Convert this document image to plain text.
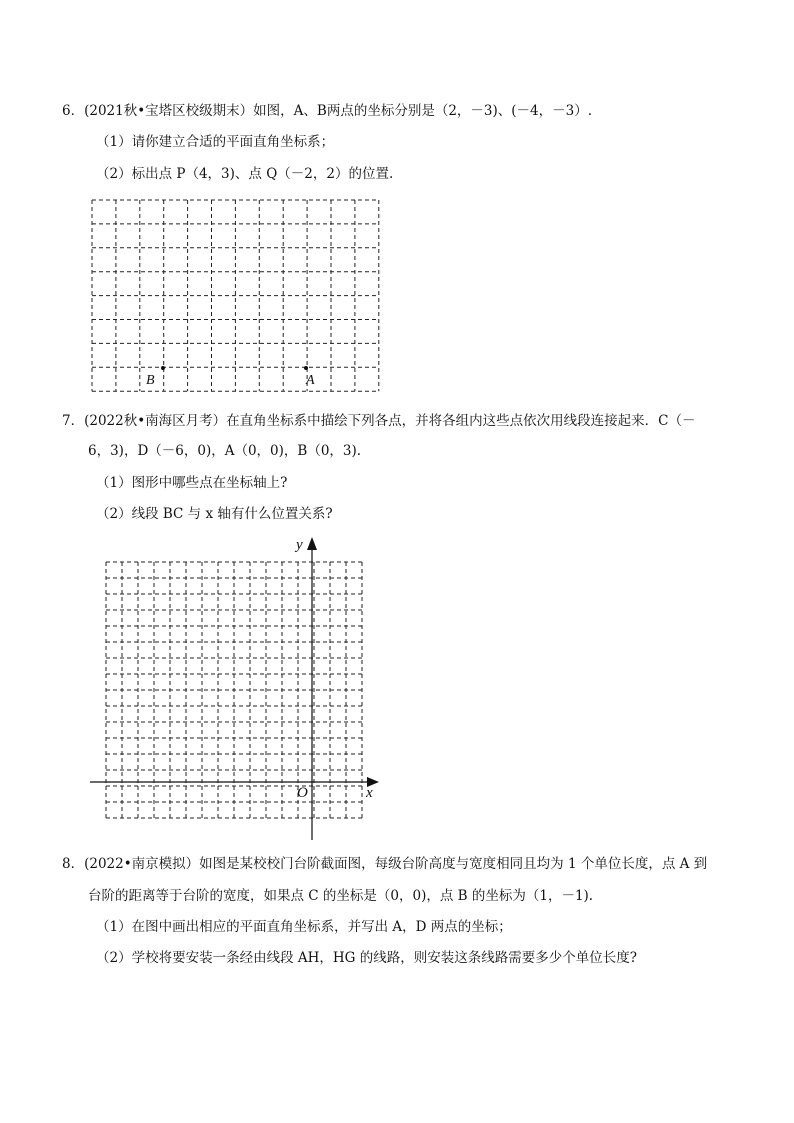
6．(2021秋•宝塔区校级期末）如图，A、B两点的坐标分别是（2，－3)、(－4，－3）.
（1）请你建立合适的平面直角坐标系；
（2）标出点 P（4，3)、点 Q（－2，2）的位置.
B	A
7．(2022秋•南海区月考）在直角坐标系中描绘下列各点，并将各组内这些点依次用线段连接起来．C（－
6，3)，D（－6，0)，A（0，0)，B（0，3).
（1）图形中哪些点在坐标轴上?
（2）线段 BC 与 x 轴有什么位置关系?
y
x
O
8．(2022•南京模拟）如图是某校校门台阶截面图，每级台阶高度与宽度相同且均为 1 个单位长度，点 A 到
台阶的距离等于台阶的宽度，如果点 C 的坐标是（0，0)，点 B 的坐标为（1，－1).
（1）在图中画出相应的平面直角坐标系，并写出 A，D 两点的坐标；
（2）学校将要安装一条经由线段 AH，HG 的线路，则安装这条线路需要多少个单位长度?
